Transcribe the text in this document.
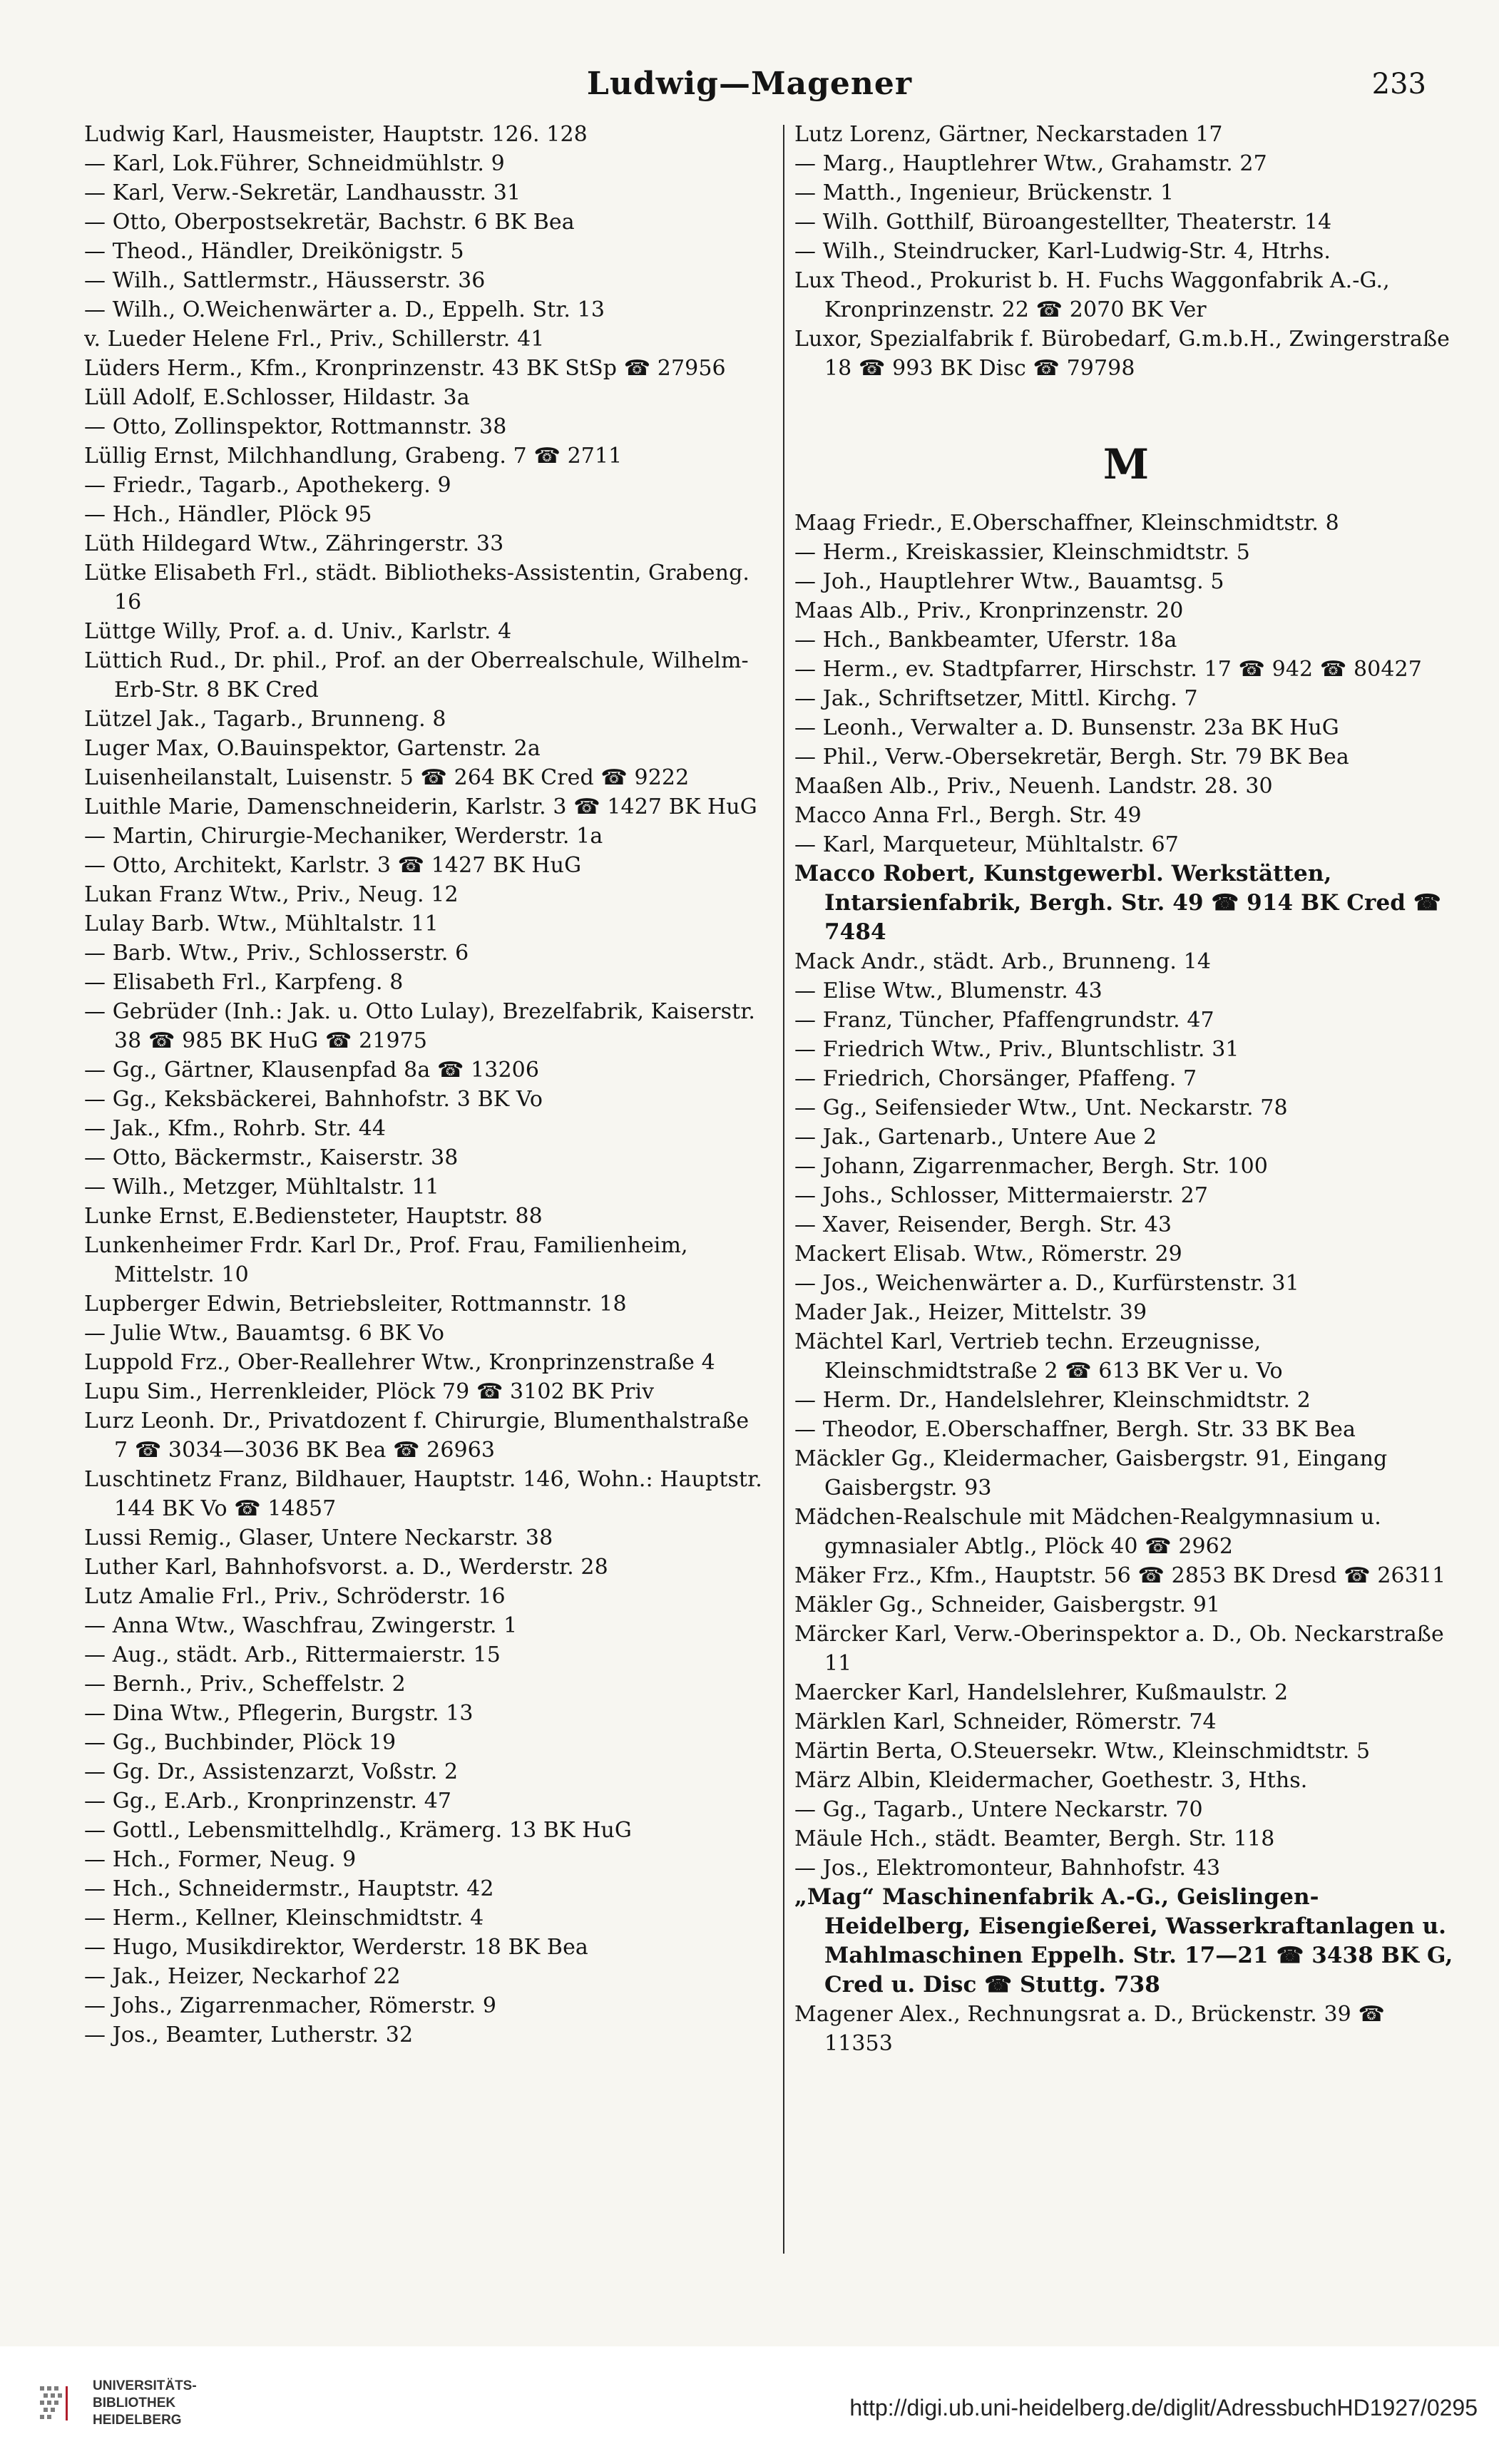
Ludwig—Magener	233

Ludwig Karl, Hausmeister, Hauptstr. 126. 128

— Karl, Lok.Führer, Schneidmühlstr. 9

— Karl, Verw.-Sekretär, Landhausstr. 31

— Otto, Oberpostsekretär, Bachstr. 6 BK Bea

— Theod., Händler, Dreikönigstr. 5

— Wilh., Sattlermstr., Häusserstr. 36

— Wilh., O.Weichenwärter a. D., Eppelh. Str. 13

v. Lueder Helene Frl., Priv., Schillerstr. 41

Lüders Herm., Kfm., Kronprinzenstr. 43 BK StSp ☎ 27956

Lüll Adolf, E.Schlosser, Hildastr. 3a

— Otto, Zollinspektor, Rottmannstr. 38

Lüllig Ernst, Milchhandlung, Grabeng. 7 ☎ 2711

— Friedr., Tagarb., Apothekerg. 9

— Hch., Händler, Plöck 95

Lüth Hildegard Wtw., Zähringerstr. 33

Lütke Elisabeth Frl., städt. Bibliotheks-Assistentin, Grabeng. 16

Lüttge Willy, Prof. a. d. Univ., Karlstr. 4

Lüttich Rud., Dr. phil., Prof. an der Oberrealschule, Wilhelm-Erb-Str. 8 BK Cred

Lützel Jak., Tagarb., Brunneng. 8

Luger Max, O.Bauinspektor, Gartenstr. 2a

Luisenheilanstalt, Luisenstr. 5 ☎ 264 BK Cred ☎ 9222

Luithle Marie, Damenschneiderin, Karlstr. 3 ☎ 1427 BK HuG

— Martin, Chirurgie-Mechaniker, Werderstr. 1a

— Otto, Architekt, Karlstr. 3 ☎ 1427 BK HuG

Lukan Franz Wtw., Priv., Neug. 12

Lulay Barb. Wtw., Mühltalstr. 11

— Barb. Wtw., Priv., Schlosserstr. 6

— Elisabeth Frl., Karpfeng. 8

— Gebrüder (Inh.: Jak. u. Otto Lulay), Brezelfabrik, Kaiserstr. 38 ☎ 985 BK HuG ☎ 21975

— Gg., Gärtner, Klausenpfad 8a ☎ 13206

— Gg., Keksbäckerei, Bahnhofstr. 3 BK Vo

— Jak., Kfm., Rohrb. Str. 44

— Otto, Bäckermstr., Kaiserstr. 38

— Wilh., Metzger, Mühltalstr. 11

Lunke Ernst, E.Bediensteter, Hauptstr. 88

Lunkenheimer Frdr. Karl Dr., Prof. Frau, Familienheim, Mittelstr. 10

Lupberger Edwin, Betriebsleiter, Rottmannstr. 18

— Julie Wtw., Bauamtsg. 6 BK Vo

Luppold Frz., Ober-Reallehrer Wtw., Kronprinzenstraße 4

Lupu Sim., Herrenkleider, Plöck 79 ☎ 3102 BK Priv

Lurz Leonh. Dr., Privatdozent f. Chirurgie, Blumenthalstraße 7 ☎ 3034—3036 BK Bea ☎ 26963

Luschtinetz Franz, Bildhauer, Hauptstr. 146, Wohn.: Hauptstr. 144 BK Vo ☎ 14857

Lussi Remig., Glaser, Untere Neckarstr. 38

Luther Karl, Bahnhofsvorst. a. D., Werderstr. 28

Lutz Amalie Frl., Priv., Schröderstr. 16

— Anna Wtw., Waschfrau, Zwingerstr. 1

— Aug., städt. Arb., Rittermaierstr. 15

— Bernh., Priv., Scheffelstr. 2

— Dina Wtw., Pflegerin, Burgstr. 13

— Gg., Buchbinder, Plöck 19

— Gg. Dr., Assistenzarzt, Voßstr. 2

— Gg., E.Arb., Kronprinzenstr. 47

— Gottl., Lebensmittelhdlg., Krämerg. 13 BK HuG

— Hch., Former, Neug. 9

— Hch., Schneidermstr., Hauptstr. 42

— Herm., Kellner, Kleinschmidtstr. 4

— Hugo, Musikdirektor, Werderstr. 18 BK Bea

— Jak., Heizer, Neckarhof 22

— Johs., Zigarrenmacher, Römerstr. 9

— Jos., Beamter, Lutherstr. 32

Lutz Lorenz, Gärtner, Neckarstaden 17

— Marg., Hauptlehrer Wtw., Grahamstr. 27

— Matth., Ingenieur, Brückenstr. 1

— Wilh. Gotthilf, Büroangestellter, Theaterstr. 14

— Wilh., Steindrucker, Karl-Ludwig-Str. 4, Htrhs.

Lux Theod., Prokurist b. H. Fuchs Waggonfabrik A.-G., Kronprinzenstr. 22 ☎ 2070 BK Ver

Luxor, Spezialfabrik f. Bürobedarf, G.m.b.H., Zwingerstraße 18 ☎ 993 BK Disc ☎ 79798

M

Maag Friedr., E.Oberschaffner, Kleinschmidtstr. 8

— Herm., Kreiskassier, Kleinschmidtstr. 5

— Joh., Hauptlehrer Wtw., Bauamtsg. 5

Maas Alb., Priv., Kronprinzenstr. 20

— Hch., Bankbeamter, Uferstr. 18a

— Herm., ev. Stadtpfarrer, Hirschstr. 17 ☎ 942 ☎ 80427

— Jak., Schriftsetzer, Mittl. Kirchg. 7

— Leonh., Verwalter a. D. Bunsenstr. 23a BK HuG

— Phil., Verw.-Obersekretär, Bergh. Str. 79 BK Bea

Maaßen Alb., Priv., Neuenh. Landstr. 28. 30

Macco Anna Frl., Bergh. Str. 49

— Karl, Marqueteur, Mühltalstr. 67

Macco Robert, Kunstgewerbl. Werkstätten, Intarsienfabrik, Bergh. Str. 49 ☎ 914 BK Cred ☎ 7484

Mack Andr., städt. Arb., Brunneng. 14

— Elise Wtw., Blumenstr. 43

— Franz, Tüncher, Pfaffengrundstr. 47

— Friedrich Wtw., Priv., Bluntschlistr. 31

— Friedrich, Chorsänger, Pfaffeng. 7

— Gg., Seifensieder Wtw., Unt. Neckarstr. 78

— Jak., Gartenarb., Untere Aue 2

— Johann, Zigarrenmacher, Bergh. Str. 100

— Johs., Schlosser, Mittermaierstr. 27

— Xaver, Reisender, Bergh. Str. 43

Mackert Elisab. Wtw., Römerstr. 29

— Jos., Weichenwärter a. D., Kurfürstenstr. 31

Mader Jak., Heizer, Mittelstr. 39

Mächtel Karl, Vertrieb techn. Erzeugnisse, Kleinschmidtstraße 2 ☎ 613 BK Ver u. Vo

— Herm. Dr., Handelslehrer, Kleinschmidtstr. 2

— Theodor, E.Oberschaffner, Bergh. Str. 33 BK Bea

Mäckler Gg., Kleidermacher, Gaisbergstr. 91, Eingang Gaisbergstr. 93

Mädchen-Realschule mit Mädchen-Realgymnasium u. gymnasialer Abtlg., Plöck 40 ☎ 2962

Mäker Frz., Kfm., Hauptstr. 56 ☎ 2853 BK Dresd ☎ 26311

Mäkler Gg., Schneider, Gaisbergstr. 91

Märcker Karl, Verw.-Oberinspektor a. D., Ob. Neckarstraße 11

Maercker Karl, Handelslehrer, Kußmaulstr. 2

Märklen Karl, Schneider, Römerstr. 74

Märtin Berta, O.Steuersekr. Wtw., Kleinschmidtstr. 5

März Albin, Kleidermacher, Goethestr. 3, Hths.

— Gg., Tagarb., Untere Neckarstr. 70

Mäule Hch., städt. Beamter, Bergh. Str. 118

— Jos., Elektromonteur, Bahnhofstr. 43

„Mag“ Maschinenfabrik A.-G., Geislingen-Heidelberg, Eisengießerei, Wasserkraftanlagen u. Mahlmaschinen Eppelh. Str. 17—21 ☎ 3438 BK G, Cred u. Disc ☎ Stuttg. 738

Magener Alex., Rechnungsrat a. D., Brückenstr. 39 ☎ 11353

UNIVERSITÄTS-
BIBLIOTHEK
HEIDELBERG	http://digi.ub.uni-heidelberg.de/diglit/AdressbuchHD1927/0295
